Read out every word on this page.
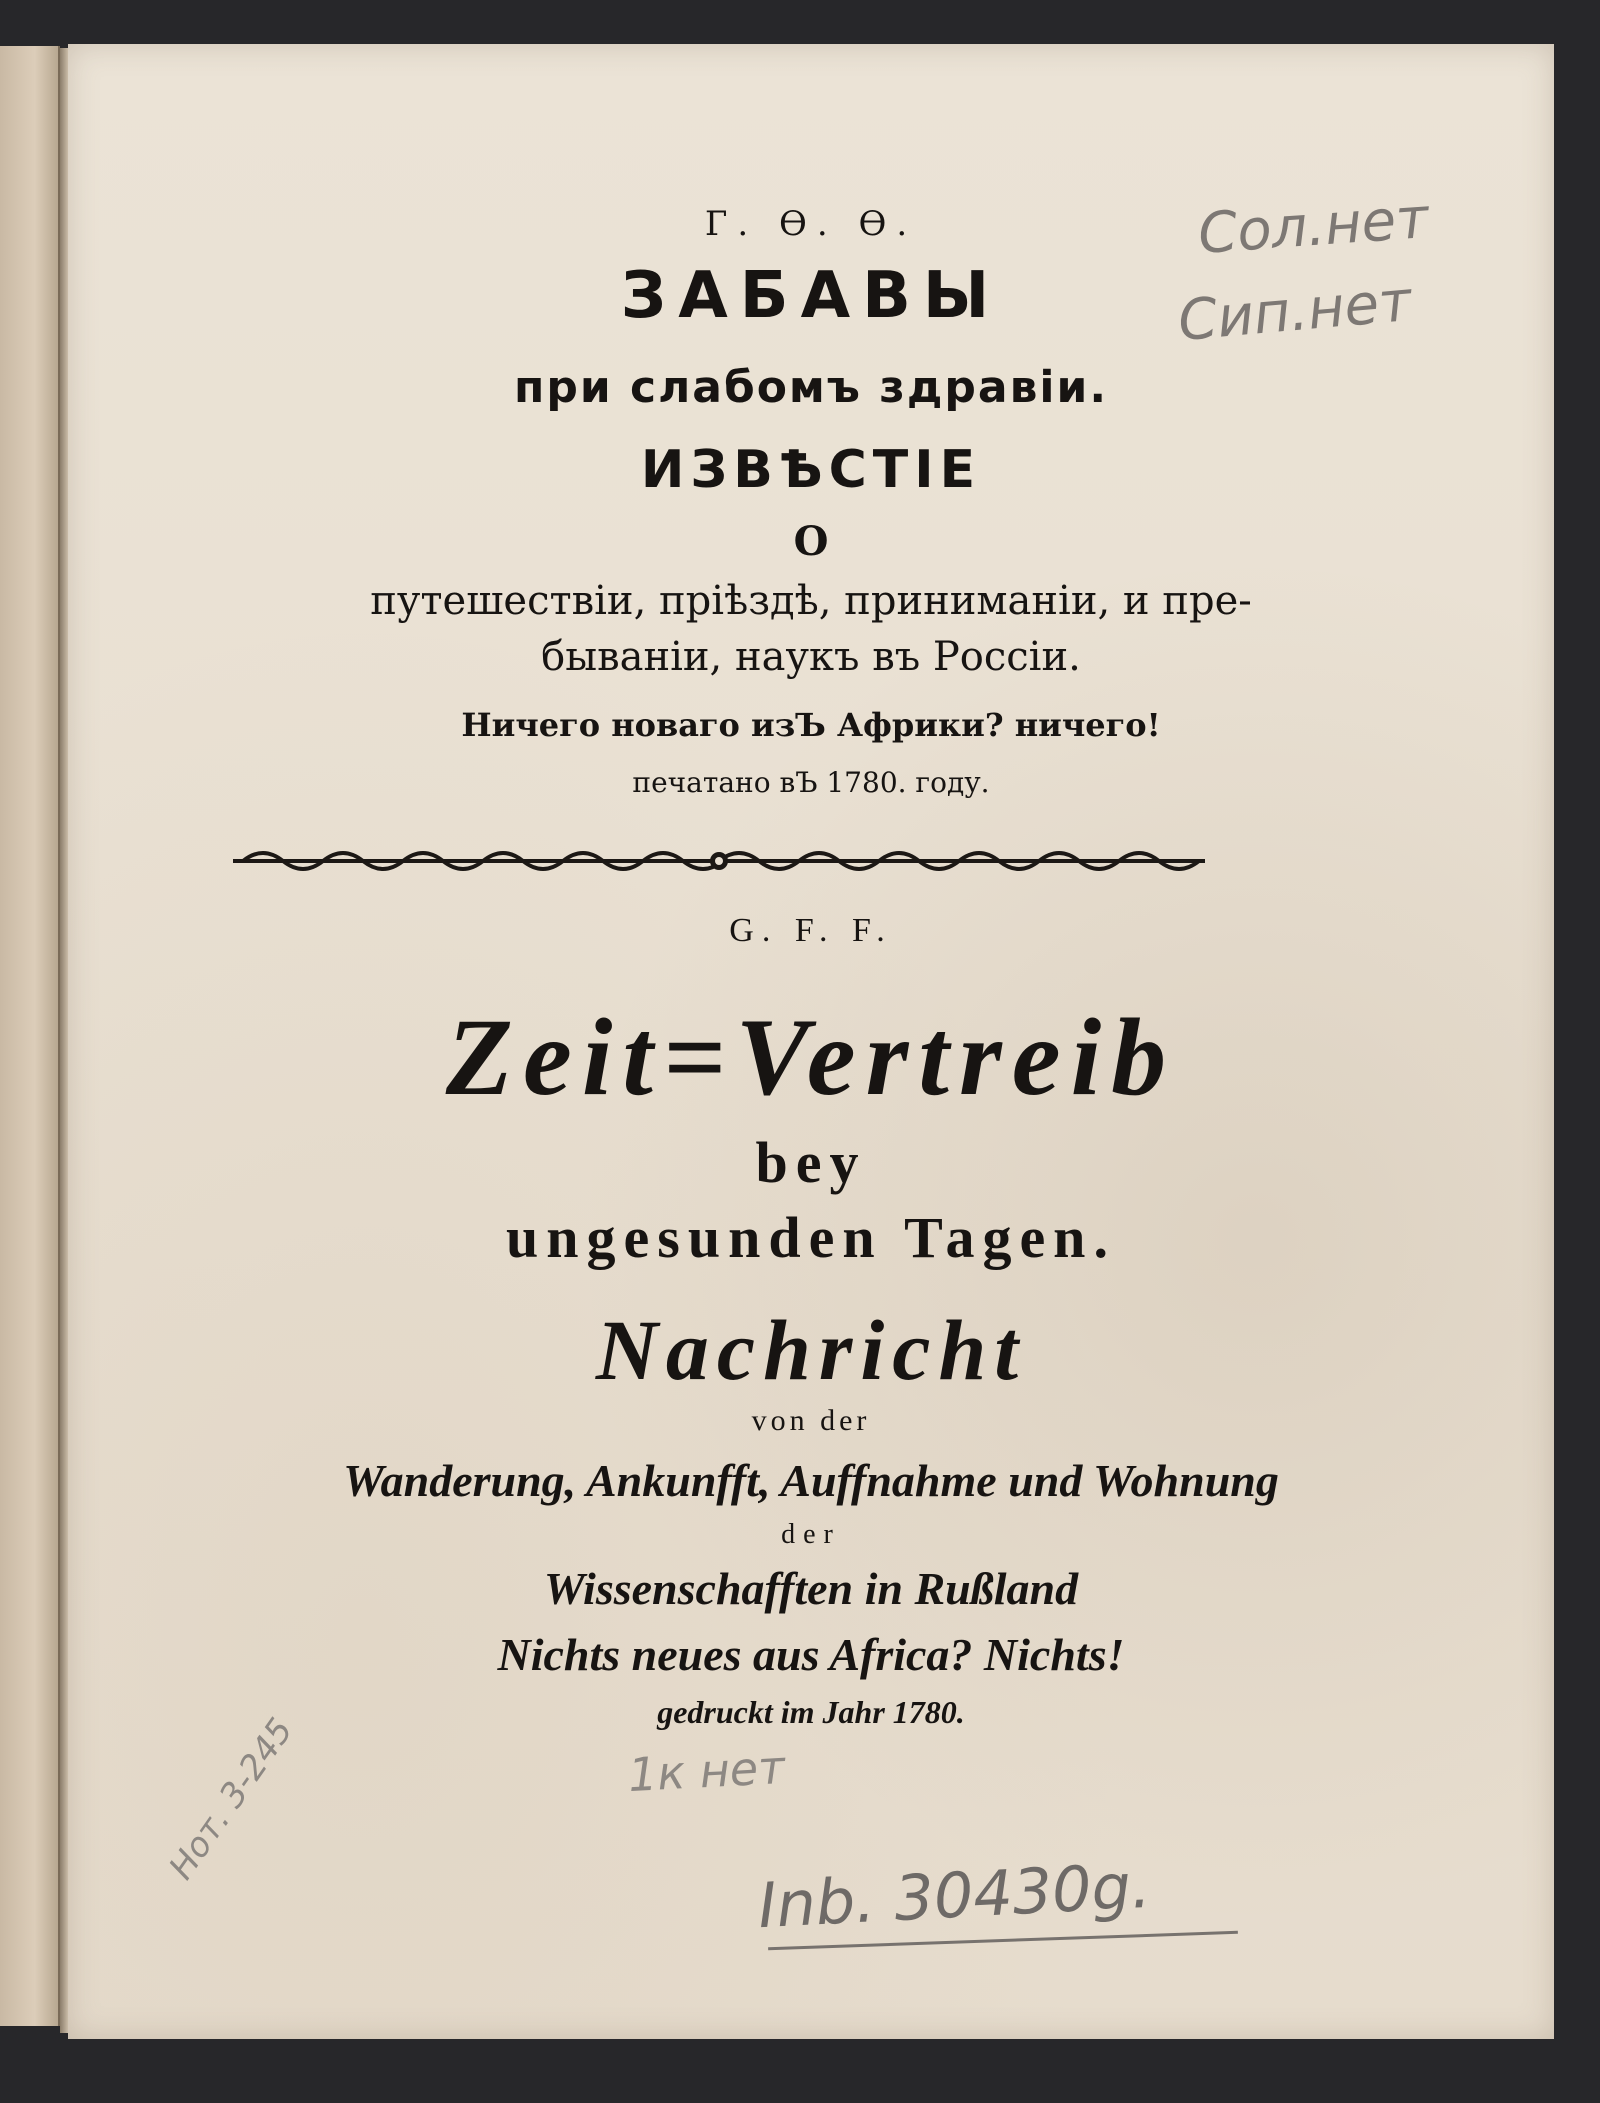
Г. Ѳ. Ѳ.
ЗАБАВЫ
при слабомъ здравіи.
ИЗВѢСТІЕ
О
путешествіи, пріѣздѣ, приниманіи, и пре-
бываніи, наукъ въ Россіи.
Ничего новаго изЪ Африки? ничего!
печатано вЪ 1780. году.
G. F. F.
Zeit=Vertreib
bey
ungesunden Tagen.
Nachricht
von der
Wanderung, Ankunfft, Auffnahme und Wohnung
der
Wissenschafften in Rußland
Nichts neues aus Africa? Nichts!
gedruckt im Jahr 1780.
Сол.нет
Сип.нет
1к нет
Inb. 30430g.
Нот. 3-245
